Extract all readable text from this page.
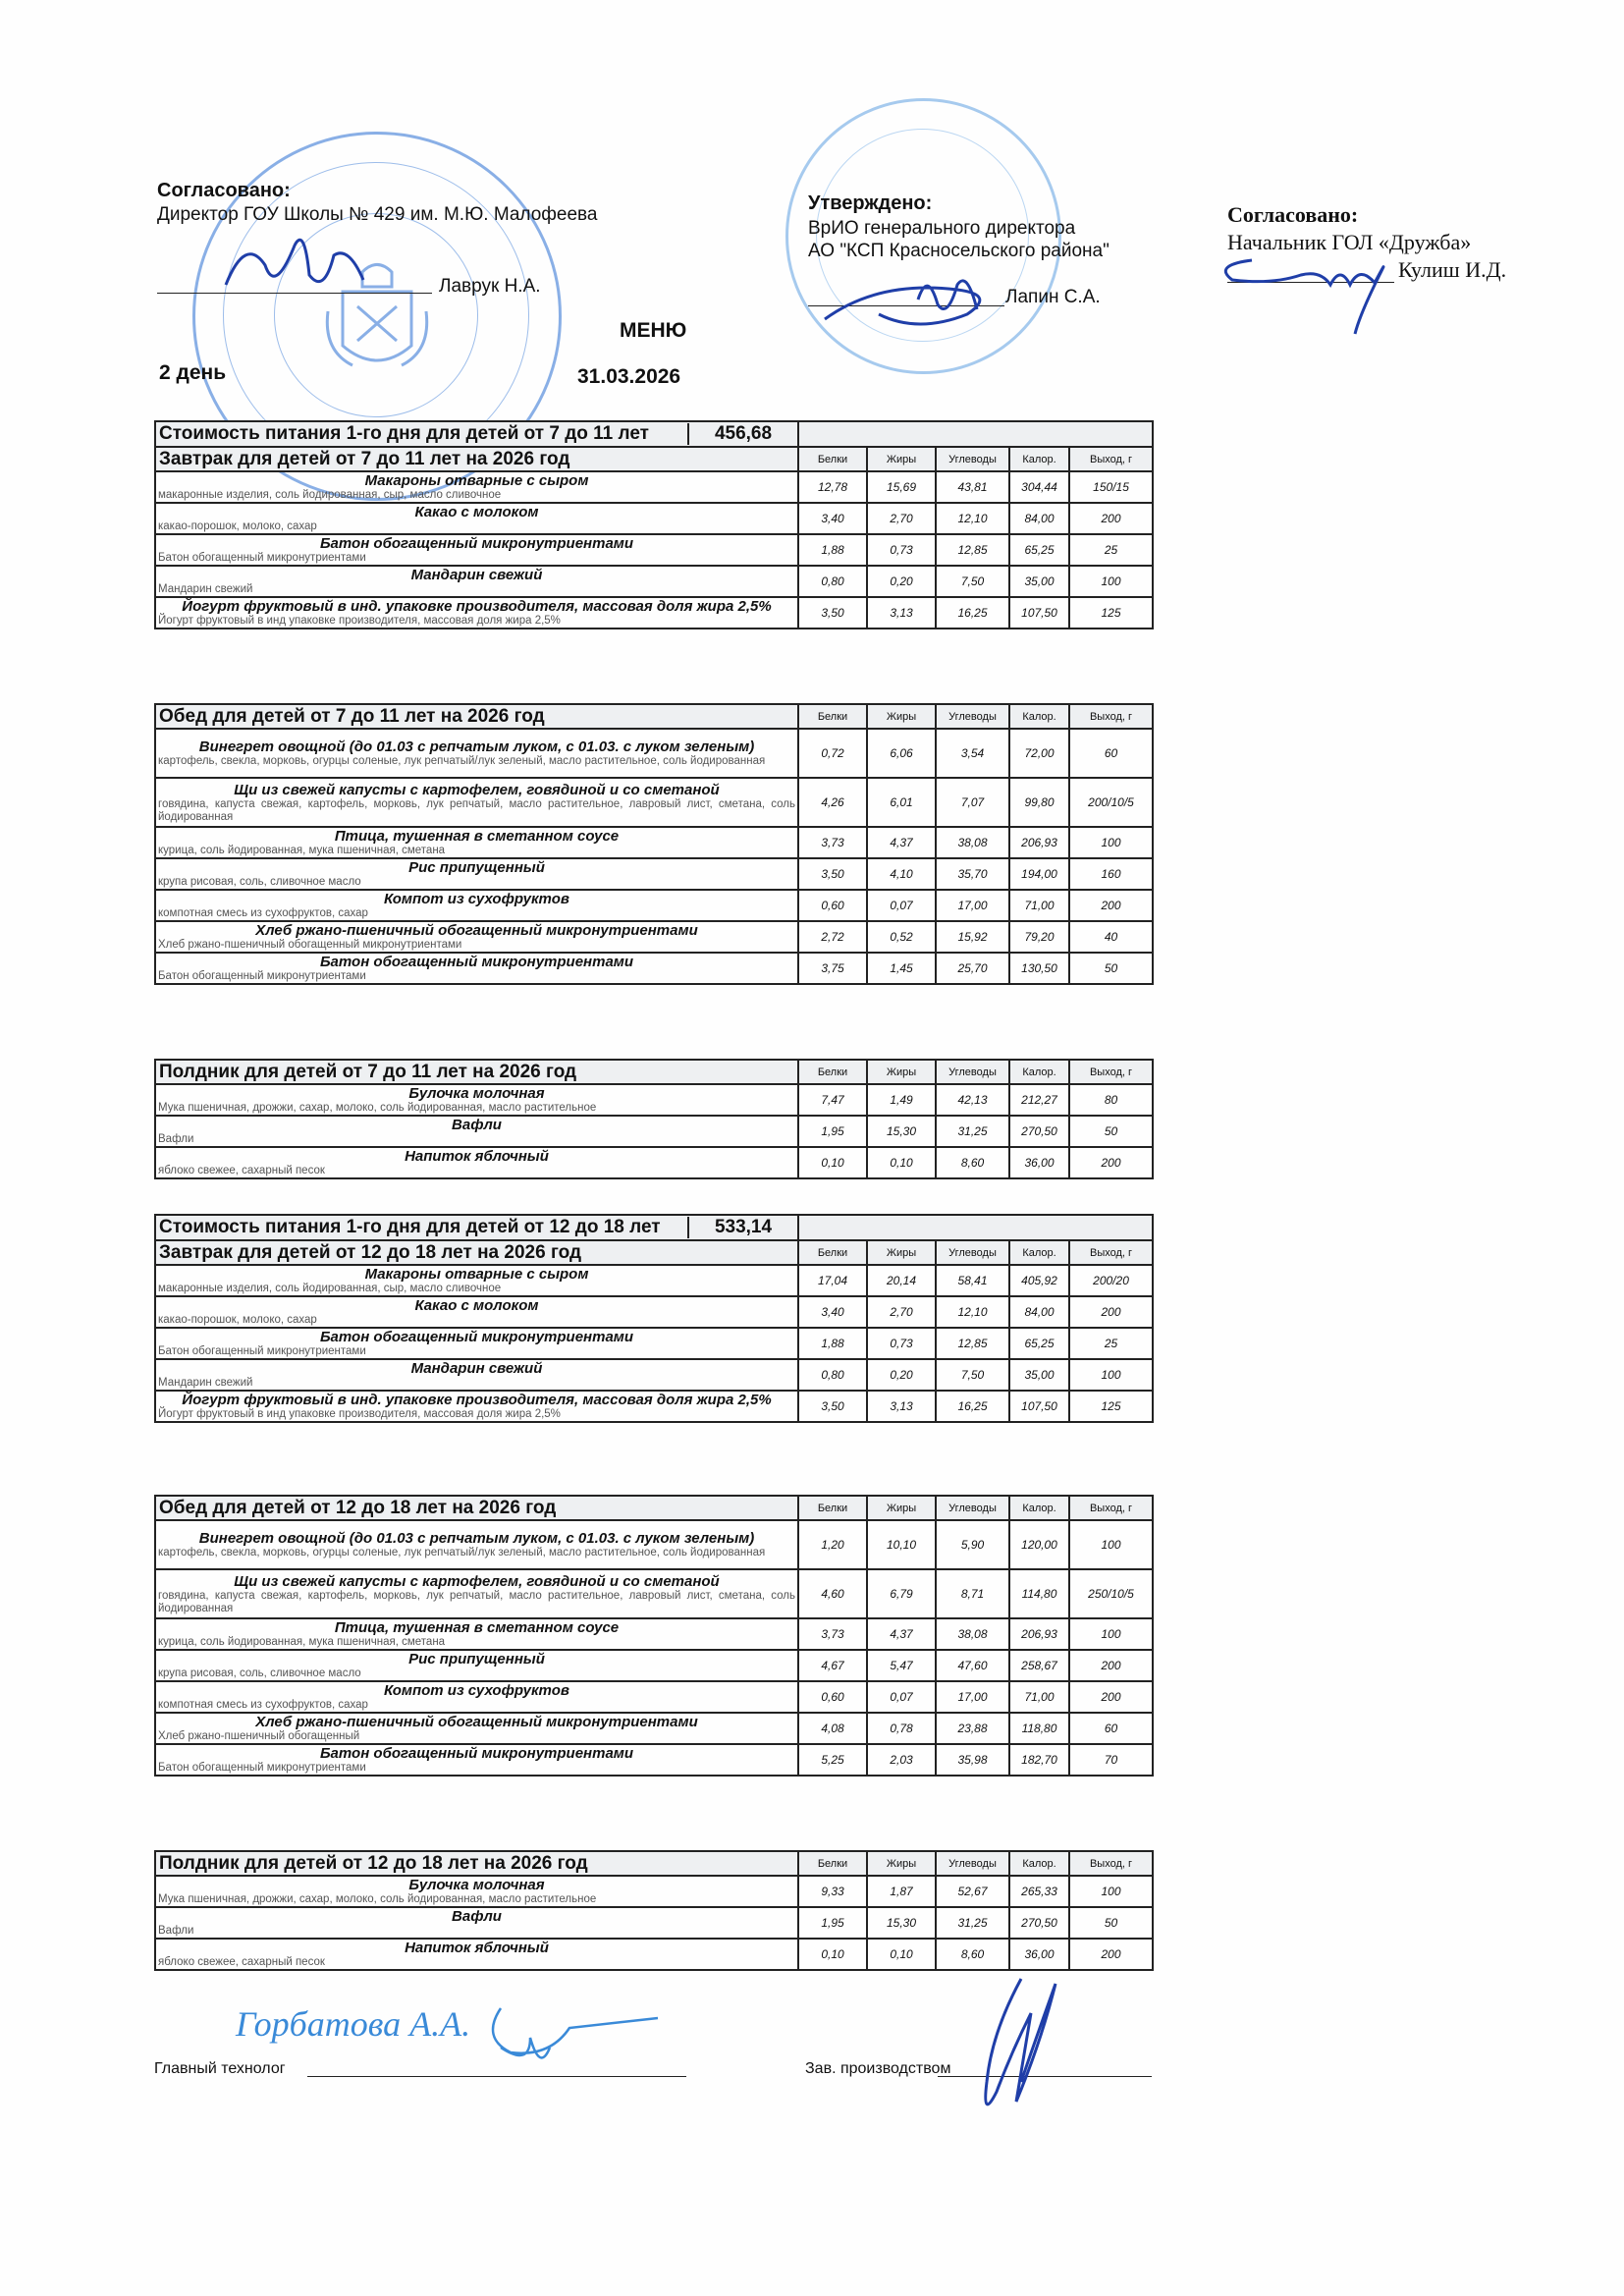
Согласовано:
Директор ГОУ Школы № 429 им. М.Ю. Малофеева
Лаврук Н.А.
Утверждено:
ВрИО генерального директора
АО "КСП Красносельского района"
Лапин С.А.
Согласовано:
Начальник ГОЛ «Дружба»
Кулиш И.Д.
МЕНЮ
2 день	31.03.2026
Стоимость питания 1-го дня для детей от 7 до 11 лет 456,68					

Завтрак для детей от 7 до 11 лет на 2026 год	Белки	Жиры	Углеводы	Калор.	Выход, г

Макароны отварные с сыром
макаронные изделия, соль йодированная, сыр, масло сливочное	12,78	15,69	43,81	304,44	150/15

Какао с молоком
какао-порошок, молоко, сахар	3,40	2,70	12,10	84,00	200

Батон обогащенный микронутриентами
Батон обогащенный микронутриентами	1,88	0,73	12,85	65,25	25

Мандарин свежий
Мандарин свежий	0,80	0,20	7,50	35,00	100

Йогурт фруктовый в инд. упаковке производителя, массовая доля жира 2,5%
Йогурт фруктовый в инд упаковке производителя, массовая доля жира 2,5%	3,50	3,13	16,25	107,50	125
Обед для детей от 7 до 11 лет на 2026 год	Белки	Жиры	Углеводы	Калор.	Выход, г

Винегрет овощной (до 01.03 с репчатым луком, с 01.03. с луком зеленым)
картофель, свекла, морковь, огурцы соленые, лук репчатый/лук зеленый, масло растительное, соль йодированная	0,72	6,06	3,54	72,00	60

Щи из свежей капусты с картофелем, говядиной и со сметаной
говядина, капуста свежая, картофель, морковь, лук репчатый, масло растительное, лавровый лист, сметана, соль йодированная	4,26	6,01	7,07	99,80	200/10/5

Птица, тушенная в сметанном соусе
курица, соль йодированная, мука пшеничная, сметана	3,73	4,37	38,08	206,93	100

Рис припущенный
крупа рисовая, соль, сливочное масло	3,50	4,10	35,70	194,00	160

Компот из сухофруктов
компотная смесь из сухофруктов, сахар	0,60	0,07	17,00	71,00	200

Хлеб ржано-пшеничный обогащенный микронутриентами
Хлеб ржано-пшеничный обогащенный микронутриентами	2,72	0,52	15,92	79,20	40

Батон обогащенный микронутриентами
Батон обогащенный микронутриентами	3,75	1,45	25,70	130,50	50
Полдник для детей от 7 до 11 лет на 2026 год	Белки	Жиры	Углеводы	Калор.	Выход, г

Булочка молочная
Мука пшеничная, дрожжи, сахар, молоко, соль йодированная, масло растительное	7,47	1,49	42,13	212,27	80

Вафли
Вафли	1,95	15,30	31,25	270,50	50

Напиток яблочный
яблоко свежее, сахарный песок	0,10	0,10	8,60	36,00	200
Стоимость питания 1-го дня для детей от 12 до 18 лет 533,14					

Завтрак для детей от 12 до 18 лет на 2026 год	Белки	Жиры	Углеводы	Калор.	Выход, г

Макароны отварные с сыром
макаронные изделия, соль йодированная, сыр, масло сливочное	17,04	20,14	58,41	405,92	200/20

Какао с молоком
какао-порошок, молоко, сахар	3,40	2,70	12,10	84,00	200

Батон обогащенный микронутриентами
Батон обогащенный микронутриентами	1,88	0,73	12,85	65,25	25

Мандарин свежий
Мандарин свежий	0,80	0,20	7,50	35,00	100

Йогурт фруктовый в инд. упаковке производителя, массовая доля жира 2,5%
Йогурт фруктовый в инд упаковке производителя, массовая доля жира 2,5%	3,50	3,13	16,25	107,50	125
Обед для детей от 12 до 18 лет на 2026 год	Белки	Жиры	Углеводы	Калор.	Выход, г

Винегрет овощной (до 01.03 с репчатым луком, с 01.03. с луком зеленым)
картофель, свекла, морковь, огурцы соленые, лук репчатый/лук зеленый, масло растительное, соль йодированная	1,20	10,10	5,90	120,00	100

Щи из свежей капусты с картофелем, говядиной и со сметаной
говядина, капуста свежая, картофель, морковь, лук репчатый, масло растительное, лавровый лист, сметана, соль йодированная	4,60	6,79	8,71	114,80	250/10/5

Птица, тушенная в сметанном соусе
курица, соль йодированная, мука пшеничная, сметана	3,73	4,37	38,08	206,93	100

Рис припущенный
крупа рисовая, соль, сливочное масло	4,67	5,47	47,60	258,67	200

Компот из сухофруктов
компотная смесь из сухофруктов, сахар	0,60	0,07	17,00	71,00	200

Хлеб ржано-пшеничный обогащенный микронутриентами
Хлеб ржано-пшеничный обогащенный	4,08	0,78	23,88	118,80	60

Батон обогащенный микронутриентами
Батон обогащенный микронутриентами	5,25	2,03	35,98	182,70	70
Полдник для детей от 12 до 18 лет на 2026 год	Белки	Жиры	Углеводы	Калор.	Выход, г

Булочка молочная
Мука пшеничная, дрожжи, сахар, молоко, соль йодированная, масло растительное	9,33	1,87	52,67	265,33	100

Вафли
Вафли	1,95	15,30	31,25	270,50	50

Напиток яблочный
яблоко свежее, сахарный песок	0,10	0,10	8,60	36,00	200
Горбатова А.А.
Главный технолог	Зав. производством
